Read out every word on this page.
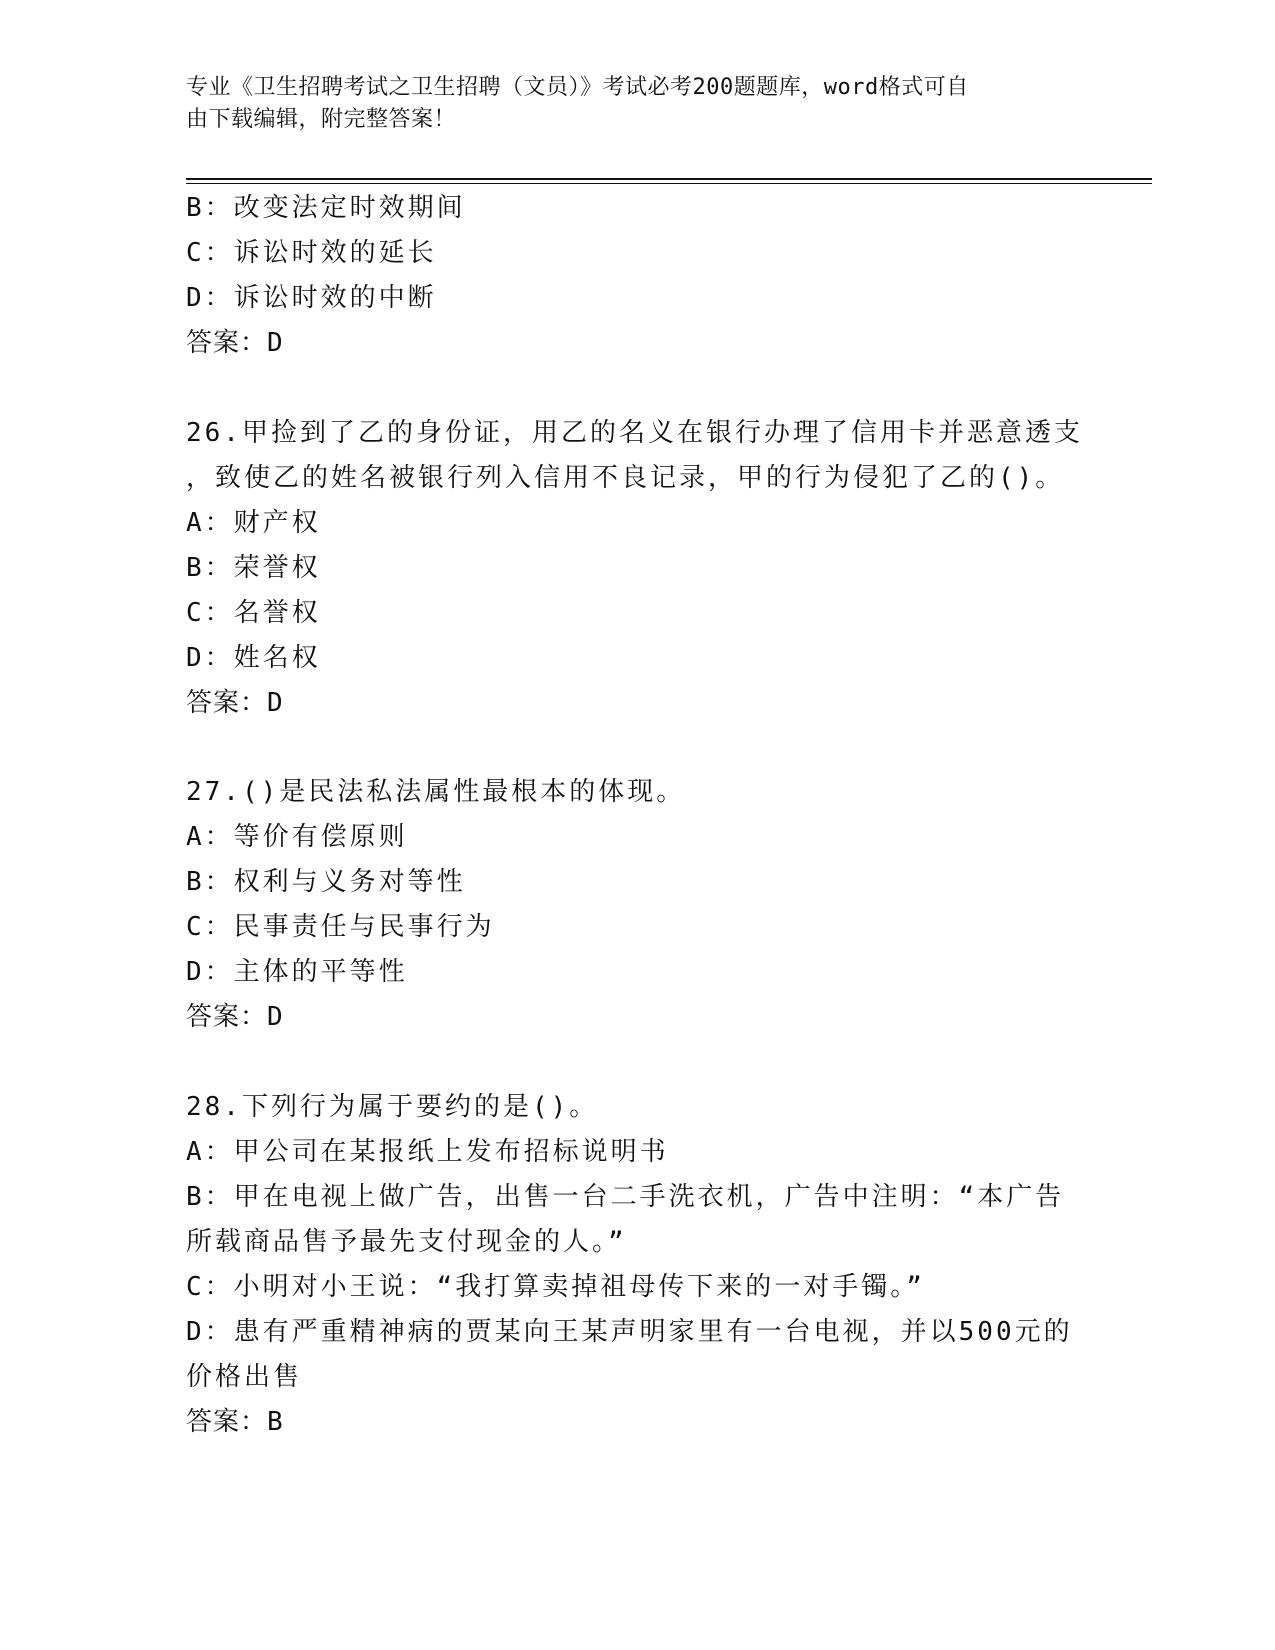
专业《卫生招聘考试之卫生招聘（文员）》考试必考200题题库，word格式可自
由下载编辑，附完整答案！
B：改变法定时效期间
C：诉讼时效的延长
D：诉讼时效的中断
答案：D
26.甲捡到了乙的身份证，用乙的名义在银行办理了信用卡并恶意透支
，致使乙的姓名被银行列入信用不良记录，甲的行为侵犯了乙的()。
A：财产权
B：荣誉权
C：名誉权
D：姓名权
答案：D
27.()是民法私法属性最根本的体现。
A：等价有偿原则
B：权利与义务对等性
C：民事责任与民事行为
D：主体的平等性
答案：D
28.下列行为属于要约的是()。
A：甲公司在某报纸上发布招标说明书
B：甲在电视上做广告，出售一台二手洗衣机，广告中注明：“本广告
所载商品售予最先支付现金的人。”
C：小明对小王说：“我打算卖掉祖母传下来的一对手镯。”
D：患有严重精神病的贾某向王某声明家里有一台电视，并以500元的
价格出售
答案：B
